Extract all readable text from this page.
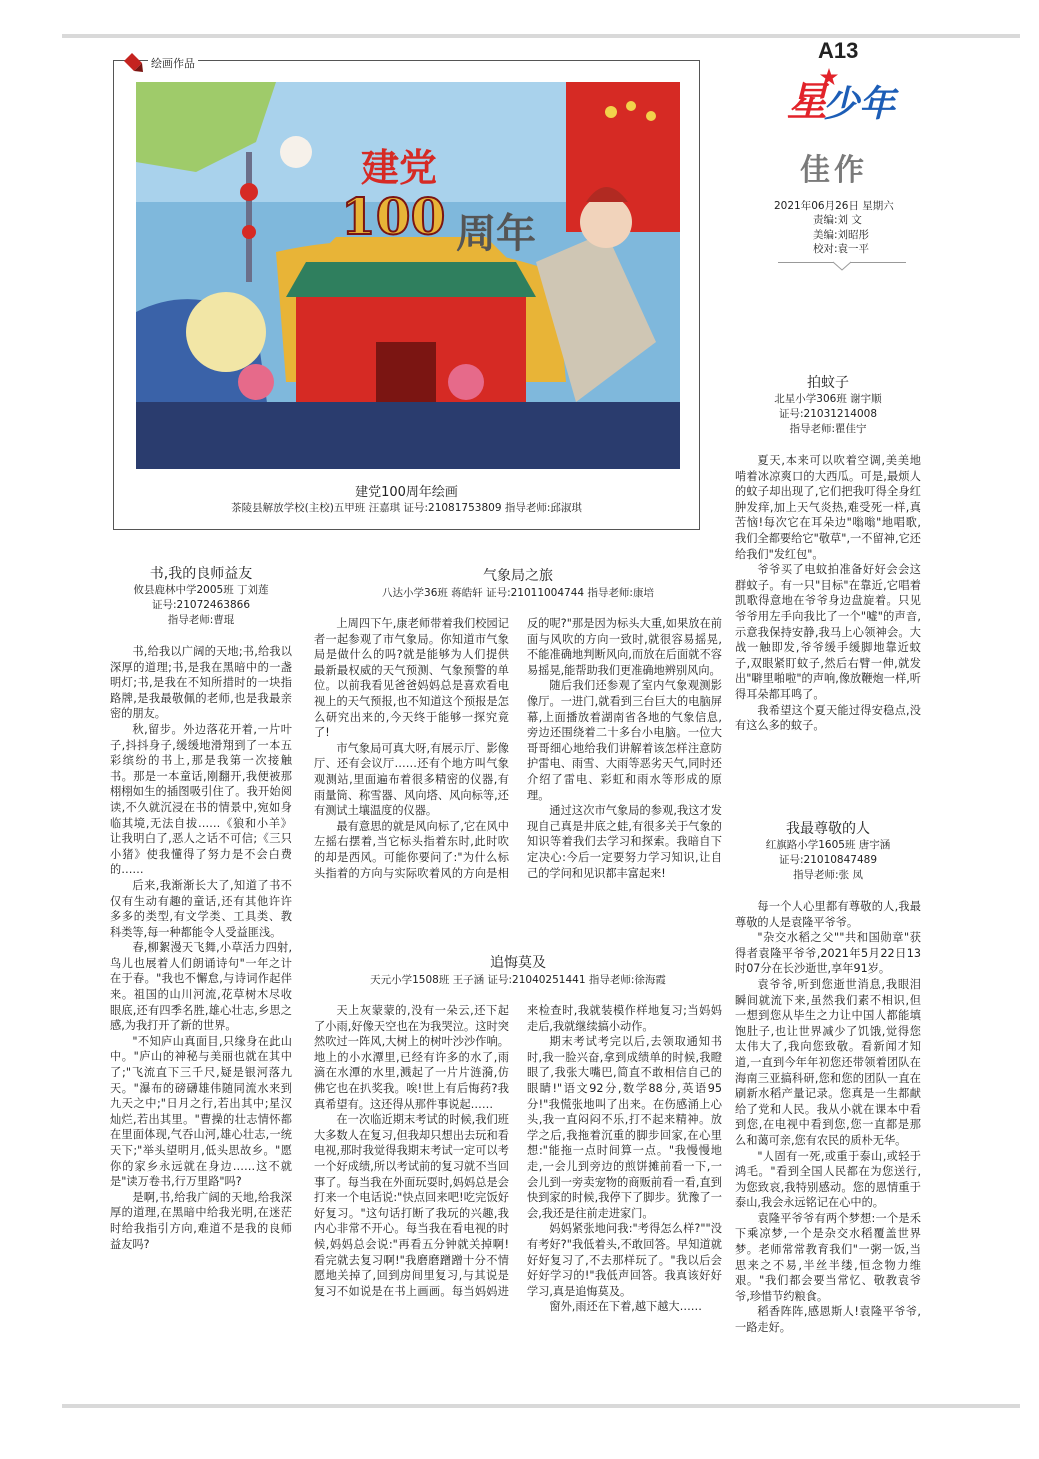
A13
星
少年
佳作
2021年06月26日 星期六
责编:刘 文
美编:刘昭彤
校对:袁一平
绘画作品
建党
100 周年
建党100周年绘画
茶陵县解放学校(主校)五甲班 汪嘉琪 证号:21081753809 指导老师:邱淑琪

书,我的良师益友

攸县鹿林中学2005班 丁刘莲

证号:21072463866

指导老师:曹琨

书,给我以广阔的天地;书,给我以深厚的道理;书,是我在黑暗中的一盏明灯;书,是我在不知所措时的一块指路牌,是我最敬佩的老师,也是我最亲密的朋友。

秋,留步。外边落花开着,一片叶子,抖抖身子,缓缓地滑翔到了一本五彩缤纷的书上,那是我第一次接触书。那是一本童话,刚翻开,我便被那栩栩如生的插图吸引住了。我开始阅读,不久就沉浸在书的情景中,宛如身临其境,无法自拔……《狼和小羊》让我明白了,恶人之话不可信;《三只小猪》使我懂得了努力是不会白费的……

后来,我渐渐长大了,知道了书不仅有生动有趣的童话,还有其他许许多多的类型,有文学类、工具类、教科类等,每一种都能令人受益匪浅。

春,柳絮漫天飞舞,小草活力四射,鸟儿也展着人们朗诵诗句"一年之计在于春。"我也不懈怠,与诗词作起伴来。祖国的山川河流,花草树木尽收眼底,还有四季名胜,雄心壮志,乡思之感,为我打开了新的世界。

"不知庐山真面目,只缘身在此山中。"庐山的神秘与美丽也就在其中了;"飞流直下三千尺,疑是银河落九天。"瀑布的磅礴雄伟随同流水来到九天之中;"日月之行,若出其中;星汉灿烂,若出其里。"曹操的壮志情怀都在里面体现,气吞山河,雄心壮志,一统天下;"举头望明月,低头思故乡。"愿你的家乡永远就在身边……这不就是"读万卷书,行万里路"吗?

是啊,书,给我广阔的天地,给我深厚的道理,在黑暗中给我光明,在迷茫时给我指引方向,难道不是我的良师益友吗?

气象局之旅
八达小学36班 蒋皓轩 证号:21011004744 指导老师:康培

上周四下午,康老师带着我们校园记者一起参观了市气象局。你知道市气象局是做什么的吗?就是能够为人们提供最新最权威的天气预测、气象预警的单位。以前我看见爸爸妈妈总是喜欢看电视上的天气预报,也不知道这个预报是怎么研究出来的,今天终于能够一探究竟了!

市气象局可真大呀,有展示厅、影像厅、还有会议厅……还有个地方叫气象观测站,里面遍布着很多精密的仪器,有雨量筒、称雪器、风向塔、风向标等,还有测试土壤温度的仪器。

最有意思的就是风向标了,它在风中左摇右摆着,当它标头指着东时,此时吹的却是西风。可能你要问了:"为什么标头指着的方向与实际吹着风的方向是相反的呢?"那是因为标头大重,如果放在前面与风吹的方向一致时,就很容易摇晃,不能准确地判断风向,而放在后面就不容易摇晃,能帮助我们更准确地辨别风向。

随后我们还参观了室内气象观测影像厅。一进门,就看到三台巨大的电脑屏幕,上面播放着湖南省各地的气象信息,旁边还围绕着二十多台小电脑。一位大哥哥细心地给我们讲解着该怎样注意防护雷电、雨雪、大雨等恶劣天气,同时还介绍了雷电、彩虹和雨水等形成的原理。

通过这次市气象局的参观,我这才发现自己真是井底之蛙,有很多关于气象的知识等着我们去学习和探索。我暗自下定决心:今后一定要努力学习知识,让自己的学问和见识都丰富起来!

追悔莫及
天元小学1508班 王子涵 证号:21040251441 指导老师:徐海霞

天上灰蒙蒙的,没有一朵云,还下起了小雨,好像天空也在为我哭泣。这时突然吹过一阵风,大树上的树叶沙沙作响。地上的小水潭里,已经有许多的水了,雨滴在水潭的水里,溅起了一片片涟漪,仿佛它也在扒奖我。唉!世上有后悔药?我真希望有。这还得从那件事说起……

在一次临近期末考试的时候,我们班大多数人在复习,但我却只想出去玩和看电视,那时我觉得我期末考试一定可以考一个好成绩,所以考试前的复习就不当回事了。每当我在外面玩耍时,妈妈总是会打来一个电话说:"快点回来吧!吃完饭好好复习。"这句话打断了我玩的兴趣,我内心非常不开心。每当我在看电视的时候,妈妈总会说:"再看五分钟就关掉啊!看完就去复习啊!"我磨磨蹭蹭十分不情愿地关掉了,回到房间里复习,与其说是复习不如说是在书上画画。每当妈妈进来检查时,我就装模作样地复习;当妈妈走后,我就继续搞小动作。

期末考试考完以后,去领取通知书时,我一脸兴奋,拿到成绩单的时候,我瞪眼了,我张大嘴巴,简直不敢相信自己的眼睛!"语文92分,数学88分,英语95分!"我慌张地叫了出来。在伤感涌上心头,我一直闷闷不乐,打不起来精神。放学之后,我拖着沉重的脚步回家,在心里想:"能拖一点时间算一点。"我慢慢地走,一会儿到旁边的煎饼摊前看一下,一会儿到一旁卖宠物的商贩前看一看,直到快到家的时候,我停下了脚步。犹豫了一会,我还是往前走进家门。

妈妈紧张地问我:"考得怎么样?""没有考好?"我低着头,不敢回答。早知道就好好复习了,不去那样玩了。"我以后会好好学习的!"我低声回答。我真该好好学习,真是追悔莫及。

窗外,雨还在下着,越下越大……

拍蚊子

北星小学306班 谢宇顺

证号:21031214008

指导老师:瞿佳宁

夏天,本来可以吹着空调,美美地啃着冰凉爽口的大西瓜。可是,最烦人的蚊子却出现了,它们把我叮得全身红肿发痒,加上天气炎热,难受死一样,真苦恼!每次它在耳朵边"嗡嗡"地唱歌,我们全都要给它"敬草",一不留神,它还给我们"发红包"。

爷爷买了电蚊拍准备好好会会这群蚊子。有一只"目标"在靠近,它唱着凯歌得意地在爷爷身边盘旋着。只见爷爷用左手向我比了一个"嘘"的声音,示意我保持安静,我马上心领神会。大战一触即发,爷爷缓手缓脚地靠近蚊子,双眼紧盯蚊子,然后右臂一伸,就发出"噼里啪啦"的声响,像放鞭炮一样,听得耳朵都耳鸣了。

我希望这个夏天能过得安稳点,没有这么多的蚊子。

我最尊敬的人

红旗路小学1605班 唐宇涵

证号:21010847489

指导老师:张 凤

每一个人心里都有尊敬的人,我最尊敬的人是袁隆平爷爷。

"杂交水稻之父""共和国勋章"获得者袁隆平爷爷,2021年5月22日13时07分在长沙逝世,享年91岁。

袁爷爷,听到您逝世消息,我眼泪瞬间就流下来,虽然我们素不相识,但一想到您从毕生之力让中国人都能填饱肚子,也让世界减少了饥饿,觉得您太伟大了,我向您致敬。看新闻才知道,一直到今年年初您还带领着团队在海南三亚搞科研,您和您的团队一直在刷新水稻产量记录。您真是一生都献给了党和人民。我从小就在课本中看到您,在电视中看到您,您一直都是那么和蔼可亲,您有农民的质朴无华。

"人固有一死,或重于泰山,或轻于鸿毛。"看到全国人民都在为您送行,为您致哀,我特别感动。您的恩情重于泰山,我会永远铭记在心中的。

袁隆平爷爷有两个梦想:一个是禾下乘凉梦,一个是杂交水稻覆盖世界梦。老师常常教育我们"一粥一饭,当思来之不易,半丝半缕,恒念物力维艰。"我们都会要当常忆、敬教袁爷爷,珍惜节约粮食。

稻香阵阵,感恩斯人!袁隆平爷爷,一路走好。
